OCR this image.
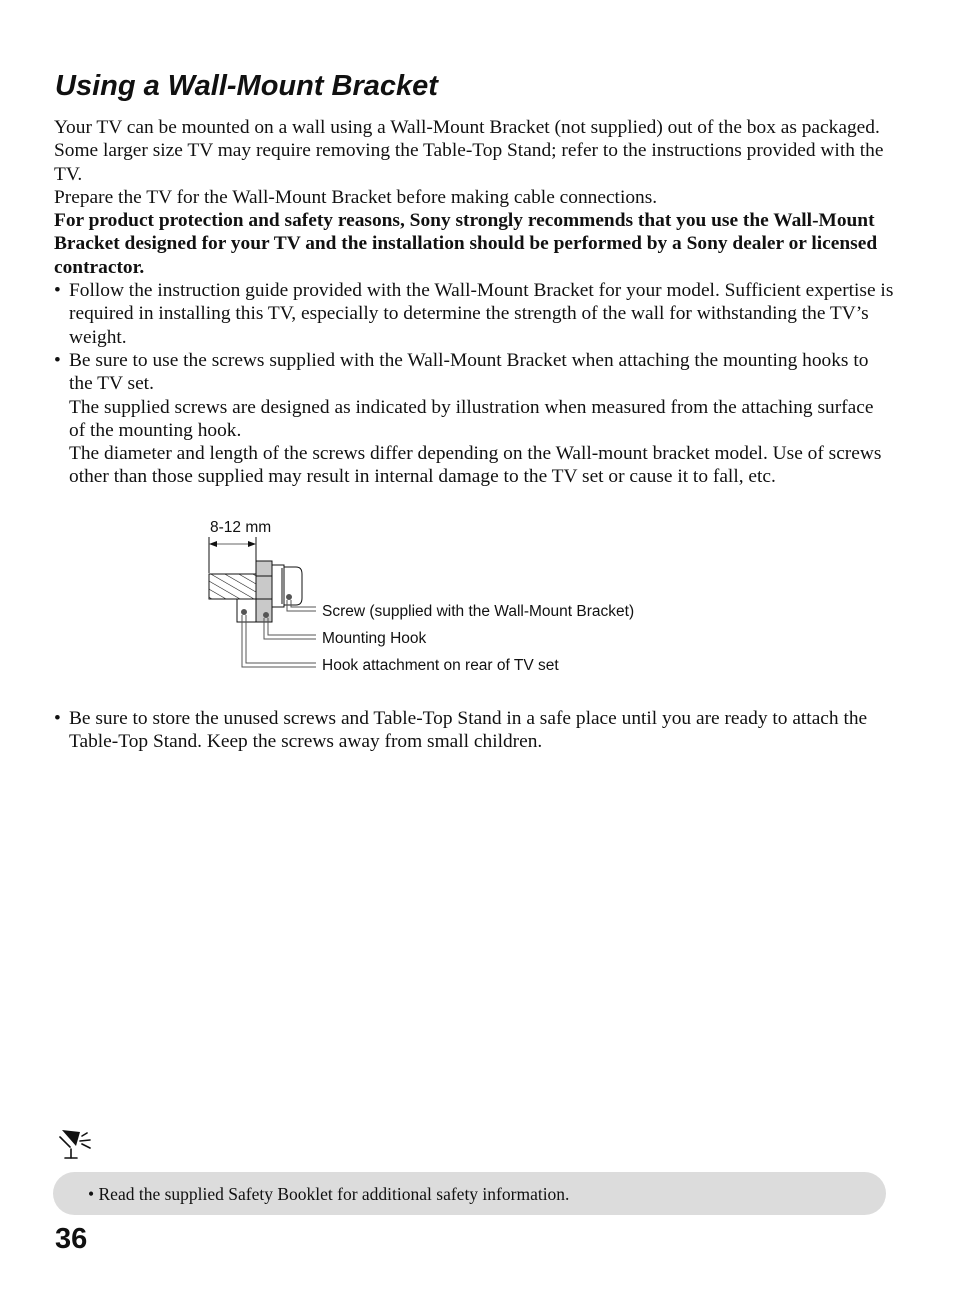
Using a Wall-Mount Bracket

Your TV can be mounted on a wall using a Wall-Mount Bracket (not supplied) out of the box as packaged. Some larger size TV may require removing the Table-Top Stand; refer to the instructions provided with the TV.

Prepare the TV for the Wall-Mount Bracket before making cable connections.

For product protection and safety reasons, Sony strongly recommends that you use the Wall-Mount Bracket designed for your TV and the installation should be performed by a Sony dealer or licensed contractor.

• Follow the instruction guide provided with the Wall-Mount Bracket for your model. Sufficient expertise is required in installing this TV, especially to determine the strength of the wall for withstanding the TV’s weight.

• Be sure to use the screws supplied with the Wall-Mount Bracket when attaching the mounting hooks to the TV set.

The supplied screws are designed as indicated by illustration when measured from the attaching surface of the mounting hook.

The diameter and length of the screws differ depending on the Wall-mount bracket model. Use of screws other than those supplied may result in internal damage to the TV set or cause it to fall, etc.

8-12 mm
Screw (supplied with the Wall-Mount Bracket)
Mounting Hook
Hook attachment on rear of TV set
• Be sure to store the unused screws and Table-Top Stand in a safe place until you are ready to attach the Table-Top Stand. Keep the screws away from small children.

• Read the supplied Safety Booklet for additional safety information.
36
